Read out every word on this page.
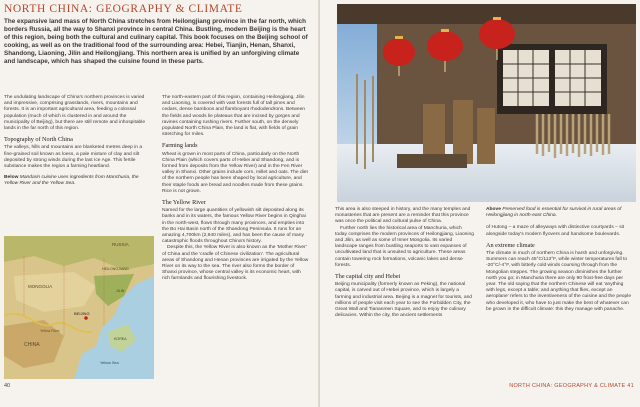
NORTH CHINA: GEOGRAPHY & CLIMATE
The expansive land mass of North China stretches from Heilongjiang province in the far north, which borders Russia, all the way to Shanxi province in central China. Bustling, modern Beijing is the heart of this region, being both the cultural and culinary capital. This book focuses on the Beijing school of cooking, as well as on the traditional food of the surrounding area: Hebei, Tianjin, Henan, Shanxi, Shandong, Liaoning, Jilin and Heilongjiang. This northern area is unified by an unforgiving climate and landscape, which has shaped the cuisine found in these parts.

The undulating landscape of China's northern provinces is varied and impressive, comprising grasslands, rivers, mountains and forests. It is an important agricultural area, feeding a colossal population (much of which is clustered in and around the municipality of Beijing), but there are still remote and inhospitable lands in the far north of this region.

Topography of North China

The valleys, hills and mountains are blanketed metres deep in a fine-grained soil known as loess, a pale mixture of clay and silt deposited by strong winds during the last Ice Age. This fertile substance makes the region a farming heartland.

Below Mandarin cuisine uses ingredients from Manchuria, the Yellow River and the Yellow Sea.
RUSSIA
MONGOLIA
BEIJING
CHINA
Yellow River
HEILONGJIANG
JILIN
Yellow Sea
KOREA

The north-eastern part of this region, containing Heilongjiang, Jilin and Liaoning, is covered with vast forests full of tall pines and cedars, dense bamboos and flamboyant rhododendrons. Between the fields and woods lie plateaus that are incised by gorges and ravines containing rushing rivers. Further south, on the densely populated North China Plain, the land is flat, with fields of grain stretching for miles.

Farming lands

Wheat is grown in most parts of China, particularly on the North China Plain (which covers parts of Hebei and Shandong, and is formed from deposits from the Yellow River) and in the Fen River valley in Shanxi. Other grains include corn, millet and oats. The diet of the northern people has been shaped by local agriculture, and their staple foods are bread and noodles made from these grains. Rice is not grown.

The Yellow River

Named for the large quantities of yellowish silt deposited along its banks and in its waters, the famous Yellow River begins in Qinghai in the north-west, flows through many provinces, and empties into the Bo Hai Basin north of the Shandong Peninsula. It runs for an amazing 4,700km (2,940 miles), and has been the cause of many catastrophic floods throughout China's history.

Despite this, the Yellow River is also known as the 'Mother River' of China and the 'cradle of Chinese civilization'. The agricultural areas of Shandong and Henan provinces are irrigated by the Yellow River on its way to the sea. The river also forms the border of Shanxi province, whose central valley is its economic heart, with rich farmlands and flourishing livestock.

40

This area is also steeped in history, and the many temples and monasteries that are present are a reminder that this province was once the political and cultural pulse of China.

Further north lies the historical area of Manchuria, which today comprises the modern provinces of Heilongjiang, Liaoning and Jilin, as well as some of Inner Mongolia. Its varied landscape ranges from bustling seaports to vast expanses of uncultivated land that is unsuited to agriculture. These areas contain towering rock formations, volcanic lakes and dense forests.

The capital city and Hebei

Beijing municipality (formerly known as Peking), the national capital, is carved out of Hebei province, which is largely a farming and industrial area. Beijing is a magnet for tourists, and millions of people visit each year to see the Forbidden City, the Great Wall and Tiananmen Square, and to enjoy the culinary delicacies. Within the city, the ancient settlements

Above Preserved food is essential for survival in rural areas of Heilongjiang in north-east China.

of Hutong – a maze of alleyways with distinctive courtyards – sit alongside today's modern flyovers and handsome boulevards.

An extreme climate

The climate in much of northern China is harsh and unforgiving. Summers can reach 45°C/113°F, while winter temperatures fall to -20°C/-4°F, with bitterly cold winds coursing through from the Mongolian steppes. The growing season diminishes the further north you go; in Manchuria there are only 90 frost-free days per year. The old saying that the northern Chinese will eat 'anything with legs, except a table; and anything that flies, except an aeroplane' refers to the inventiveness of the cuisine and the people who developed it, who have to just make the best of whatever can be grown in the difficult climate: this they manage with panache.

NORTH CHINA: GEOGRAPHY & CLIMATE 41
